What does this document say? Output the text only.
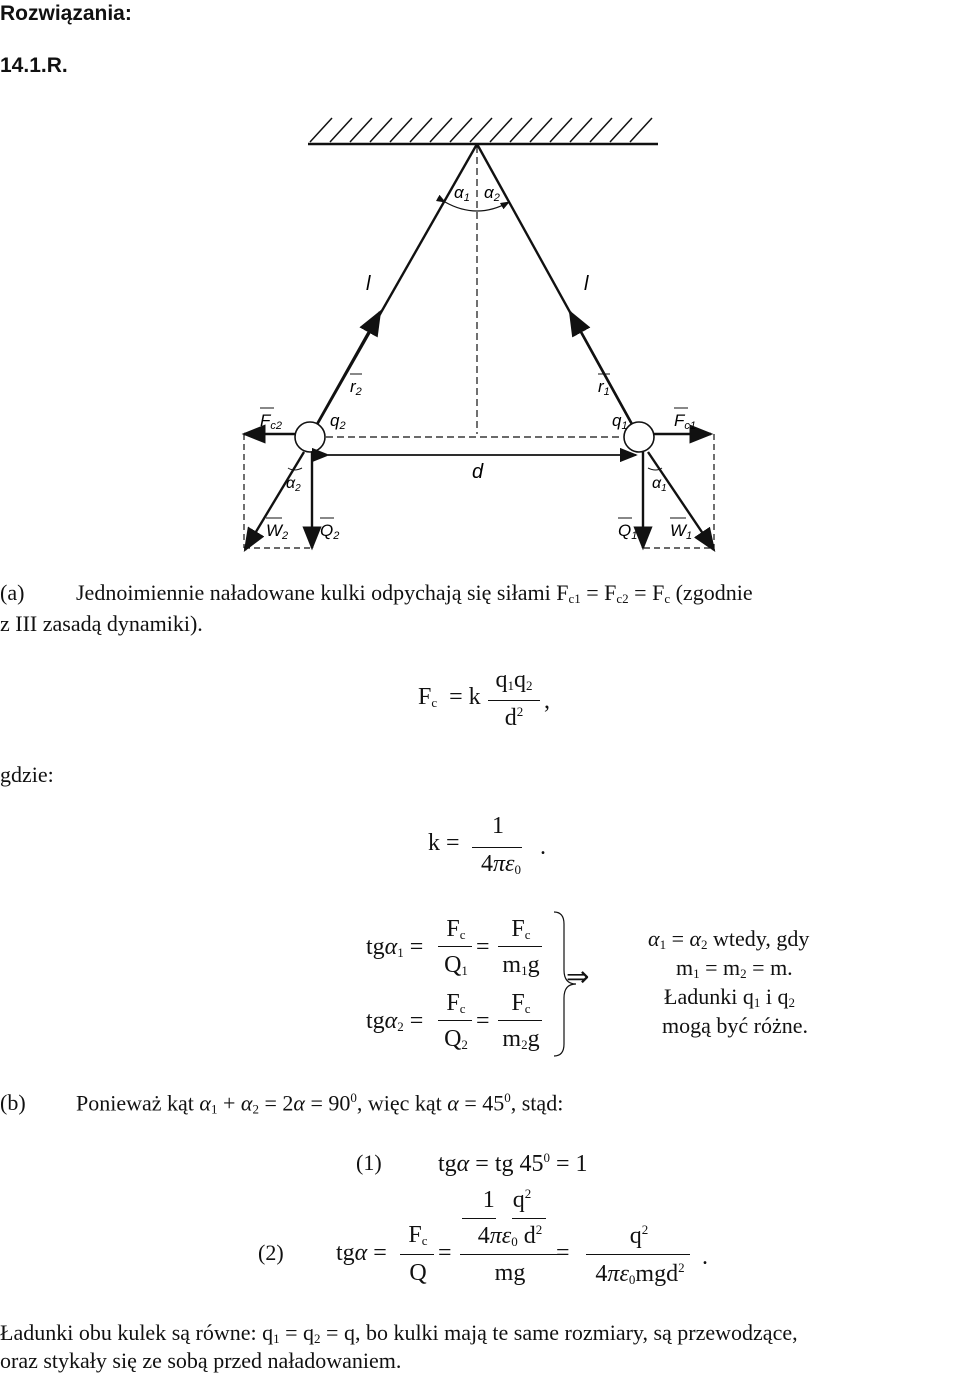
Rozwiązania:
14.1.R.
α1 α2
l	l
r2	r1
q2	q1
Fc2	Fc1
d
α2	α1
W2 Q2	Q1 W1
(a) Jednoimiennie naładowane kulki odpychają się siłami $F_{c1} = F_{c2} = F_c$ (zgodnie
z III zasadą dynamiki).
$F_c = k$
$q_1q_2$
$d^2$ ,
gdzie:
k =
1
$4\pi\varepsilon_0$
.
tgα$_1$ =
$F_c$
$Q_1$
=
$F_c$
$m_1g$
tgα$_2$ =
$F_c$
$Q_2$
=
$F_c$
$m_2g$
⇒
$\alpha_1 = \alpha_2$ wtedy, gdy
$m_1 = m_2 = m$.
Ładunki $q_1$ i $q_2$
mogą być różne.
(b) Ponieważ kąt $\alpha_1 + \alpha_2 = 2\alpha = 90^0$, więc kąt $\alpha = 45^0$, stąd:
(1) tgα = tg $45^0 = 1$
(2) tgα =
$F_c$
Q
=
1   $q^2$
$4\pi\varepsilon_0$ $d^2$
mg
=
$q^2$
$4\pi\varepsilon_0mgd^2$ .
Ładunki obu kulek są równe: $q_1 = q_2 = q$, bo kulki mają te same rozmiary, są przewodzące,
oraz stykały się ze sobą przed naładowaniem.
